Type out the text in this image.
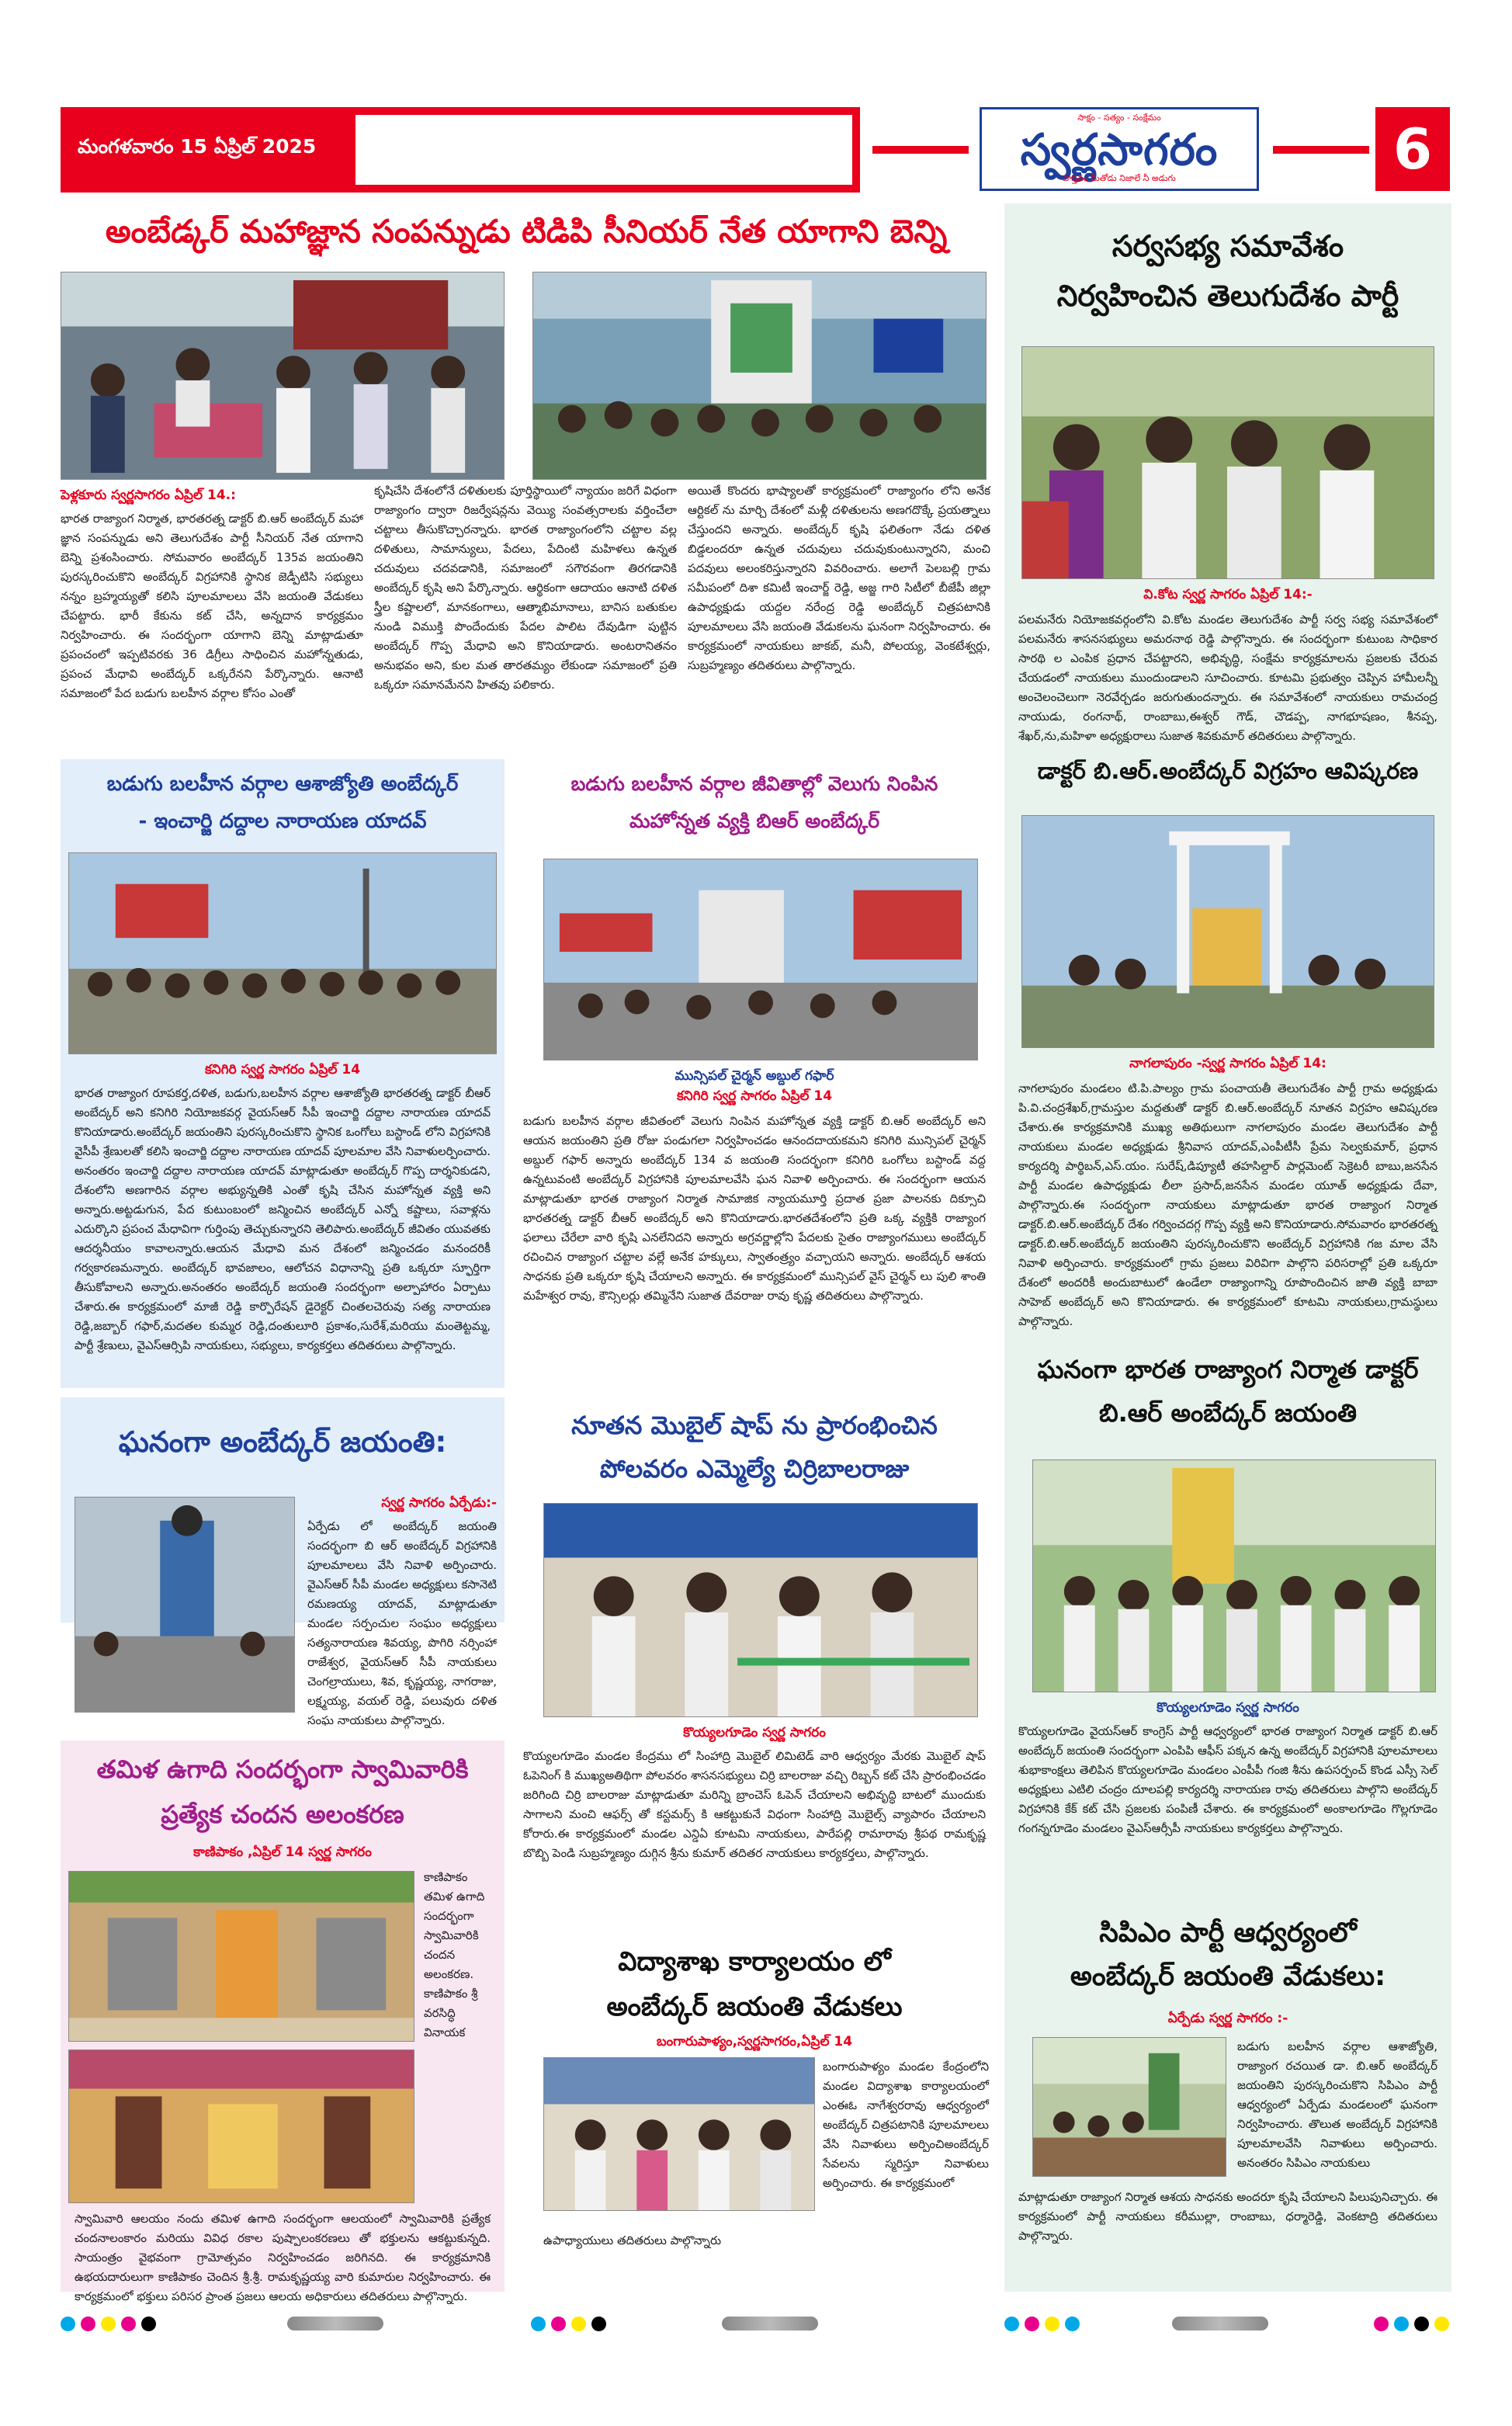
మంగళవారం 15 ఏప్రిల్ 2025
సాక్షం - సత్యం - సంక్షేమం
స్వర్ణసాగరం
వాస్తవం మీతోడు నిజాలే నీ అడుగు	6
అంబేడ్కర్ మహాజ్ఞాన సంపన్నుడు టిడిపి సీనియర్ నేత యాగాని బెన్ని
పెళ్లకూరు స్వర్ణసాగరం ఏప్రిల్ 14.:
భారత రాజ్యాంగ నిర్మాత, భారతరత్న డాక్టర్ బి.ఆర్ అంబేద్కర్ మహా జ్ఞాన సంపన్నుడు అని తెలుగుదేశం పార్టీ సీనియర్ నేత యాగాని బెన్ని ప్రశంసించారు. సోమవారం అంబేద్కర్ 135వ జయంతిని పురస్కరించుకొని అంబేద్కర్ విగ్రహానికి స్థానిక జెడ్పీటిసి సభ్యులు నన్నం బ్రహ్మయ్యతో కలిసి పూలమాలలు వేసి జయంతి వేడుకలు చేపట్టారు. భారీ కేకును కట్ చేసి, అన్నదాన కార్యక్రమం నిర్వహించారు. ఈ సందర్భంగా యాగాని బెన్ని మాట్లాడుతూ ప్రపంచంలో ఇప్పటివరకు 36 డిగ్రీలు సాధించిన మహోన్నతుడు, ప్రపంచ మేధావి అంబేద్కర్ ఒక్కరేనని పేర్కొన్నారు. ఆనాటి సమాజంలో పేద బడుగు బలహీన వర్గాల కోసం ఎంతో
కృషిచేసి దేశంలోనే దళితులకు పూర్తిస్థాయిలో న్యాయం జరిగే విధంగా రాజ్యాంగం ద్వారా రిజర్వేషన్లను వెయ్యి సంవత్సరాలకు వర్తించేలా చట్టాలు తీసుకొచ్చారన్నారు. భారత రాజ్యాంగంలోని చట్టాల వల్ల దళితులు, సామాన్యులు, పేదలు, పేదింటి మహిళలు ఉన్నత చదువులు చదవడానికి, సమాజంలో సగౌరవంగా తిరగడానికి అంబేద్కర్ కృషి అని పేర్కొన్నారు. ఆర్థికంగా ఆదాయం ఆనాటి దళిత స్త్రీల కష్టాలలో, మానకంగాలు, ఆత్మాభిమానాలు, బానిస బతుకుల నుండి విముక్తి పొందేందుకు పేదల పాలిట దేవుడిగా పుట్టిన అంబేద్కర్ గొప్ప మేధావి అని కొనియాడారు. అంటరానితనం అనుభవం అని, కుల మత తారతమ్యం లేకుండా సమాజంలో ప్రతి ఒక్కరూ సమానమేనని హితవు పలికారు.
అయితే కొందరు భాష్యాలతో కార్యక్రమంలో రాజ్యాంగం లోని అనేక ఆర్టికల్ ను మార్చి దేశంలో మళ్లీ దళితులను అణగదొక్కే ప్రయత్నాలు చేస్తుందని అన్నారు. అంబేద్కర్ కృషి ఫలితంగా నేడు దళిత బిడ్డలందరూ ఉన్నత చదువులు చదువుకుంటున్నారని, మంచి పదవులు అలంకరిస్తున్నారని వివరించారు. అలాగే పెలబల్లి గ్రామ సమీపంలో దిశా కమిటీ ఇంచార్జ్ రెడ్డి, అజ్జ గారి సిటీలో బీజేపీ జిల్లా ఉపాధ్యక్షుడు యద్దల నరేంద్ర రెడ్డి అంబేద్కర్ చిత్రపటానికి పూలమాలలు వేసి జయంతి వేడుకలను ఘనంగా నిర్వహించారు. ఈ కార్యక్రమంలో నాయకులు జాకబ్, మనీ, పోలయ్య, వెంకటేశ్వర్లు, సుబ్రహ్మణ్యం తదితరులు పాల్గొన్నారు.
సర్వసభ్య సమావేశం
నిర్వహించిన తెలుగుదేశం పార్టీ
వి.కోట స్వర్ణ సాగరం ఏప్రిల్ 14:-
పలమనేరు నియోజకవర్గంలోని వి.కోట మండల తెలుగుదేశం పార్టీ సర్వ సభ్య సమావేశంలో పలమనేరు శాసనసభ్యులు అమరనాథ రెడ్డి పాల్గొన్నారు. ఈ సందర్భంగా కుటుంబ సాధికార సారథి ల ఎంపిక ప్రధాన చేపట్టారని, అభివృద్ధి, సంక్షేమ కార్యక్రమాలను ప్రజలకు చేరువ చేయడంలో నాయకులు ముందుండాలని సూచించారు. కూటమి ప్రభుత్వం చెప్పిన హామీలన్నీ అంచెలంచెలుగా నెరవేర్చడం జరుగుతుందన్నారు. ఈ సమావేశంలో నాయకులు రామచంద్ర నాయుడు, రంగనాథ్, రాంబాబు,ఈశ్వర్ గౌడ్, చౌడప్ప, నాగభూషణం, శీనప్ప, శేఖర్,ను,మహిళా అధ్యక్షురాలు సుజాత శివకుమార్ తదితరులు పాల్గొన్నారు.
డాక్టర్ బి.ఆర్.అంబేద్కర్ విగ్రహం ఆవిష్కరణ
నాగలాపురం -స్వర్ణ సాగరం ఏప్రిల్ 14:
నాగలాపురం మండలం టి.పి.పాల్యం గ్రామ పంచాయతీ తెలుగుదేశం పార్టీ గ్రామ అధ్యక్షుడు పి.వి.చంద్రశేఖర్,గ్రామస్తుల మద్దతుతో డాక్టర్ బి.ఆర్.అంబేద్కర్ నూతన విగ్రహం ఆవిష్కరణ చేశారు.ఈ కార్యక్రమానికి ముఖ్య అతిథులుగా నాగలాపురం మండల తెలుగుదేశం పార్టీ నాయకులు మండల అధ్యక్షుడు శ్రీనివాస యాదవ్,ఎంపీటీసీ ప్రేమ సెల్వకుమార్, ప్రధాన కార్యదర్శి పార్థిబన్,ఎస్.యం. సురేష్,డిప్యూటీ తహసిల్దార్ పార్లమెంట్ సెక్రెటరీ బాబు,జనసేన పార్టీ మండల ఉపాధ్యక్షుడు లీలా ప్రసాద్,జనసేన మండల యూత్ అధ్యక్షుడు దేవా, పాల్గొన్నారు.ఈ సందర్భంగా నాయకులు మాట్లాడుతూ భారత రాజ్యాంగ నిర్మాత డాక్టర్.బి.ఆర్.అంబేద్కర్ దేశం గర్వించదగ్గ గొప్ప వ్యక్తి అని కొనియాడారు.సోమవారం భారతరత్న డాక్టర్.బి.ఆర్.అంబేద్కర్ జయంతిని పురస్కరించుకొని అంబేద్కర్ విగ్రహానికి గజ మాల వేసి నివాళి అర్పించారు. కార్యక్రమంలో గ్రామ ప్రజలు విరివిగా పాల్గొని పరిసరాల్లో ప్రతి ఒక్కరూ దేశంలో అందరికీ అందుబాటులో ఉండేలా రాజ్యాంగాన్ని రూపొందించిన జాతి వ్యక్తి బాబా సాహెబ్ అంబేద్కర్ అని కొనియాడారు. ఈ కార్యక్రమంలో కూటమి నాయకులు,గ్రామస్థులు పాల్గొన్నారు.
ఘనంగా భారత రాజ్యాంగ నిర్మాత డాక్టర్
బి.ఆర్ అంబేద్కర్ జయంతి
కొయ్యలగూడెం స్వర్ణ సాగరం
కొయ్యలగూడెం వైయస్ఆర్ కాంగ్రెస్ పార్టీ ఆధ్వర్యంలో భారత రాజ్యాంగ నిర్మాత డాక్టర్ బి.ఆర్ అంబేద్కర్ జయంతి సందర్భంగా ఎంపిపి ఆఫీస్ పక్కన ఉన్న అంబేద్కర్ విగ్రహానికి పూలమాలలు శుభాకాంక్షలు తెలిపిన కొయ్యలగూడెం మండలం ఎంపీపీ గంజి శీను ఉపసర్పంచ్ కొండ ఎస్సీ సెల్ అధ్యక్షులు ఎటిలి చంద్రం దూలపల్లి కార్యదర్శి నారాయణ రావు తదితరులు పాల్గొని అంబేద్కర్ విగ్రహానికి కేక్ కట్ చేసి ప్రజలకు పంపిణీ చేశారు. ఈ కార్యక్రమంలో అంకాలగూడెం గొల్లగూడెం గంగన్నగూడెం మండలం వైఎస్ఆర్సీపీ నాయకులు కార్యకర్తలు పాల్గొన్నారు.
సిపిఎం పార్టీ ఆధ్వర్యంలో
అంబేద్కర్ జయంతి వేడుకలు:
ఏర్పేడు స్వర్ణ సాగరం :-
బడుగు బలహీన వర్గాల ఆశాజ్యోతి, రాజ్యాంగ రచయిత డా. బి.ఆర్ అంబేద్కర్ జయంతిని పురస్కరించుకొని సిపిఎం పార్టీ ఆధ్వర్యంలో ఏర్పేడు మండలంలో ఘనంగా నిర్వహించారు. తొలుత అంబేద్కర్ విగ్రహానికి పూలమాలవేసి నివాళులు అర్పించారు. అనంతరం సిపిఎం నాయకులు
మాట్లాడుతూ రాజ్యాంగ నిర్మాత ఆశయ సాధనకు అందరూ కృషి చేయాలని పిలుపునిచ్చారు. ఈ కార్యక్రమంలో పార్టీ నాయకులు కరీముల్లా, రాంబాబు, ధర్మారెడ్డి, వెంకటాద్రి తదితరులు పాల్గొన్నారు.
బడుగు బలహీన వర్గాల ఆశాజ్యోతి అంబేద్కర్
- ఇంచార్జి దద్దాల నారాయణ యాదవ్
కనిగిరి స్వర్ణ సాగరం ఏప్రిల్ 14
భారత రాజ్యాంగ రూపకర్త,దళిత, బడుగు,బలహీన వర్గాల ఆశాజ్యోతి భారతరత్న డాక్టర్ బీఆర్ అంబేద్కర్ అని కనిగిరి నియోజకవర్గ వైయస్ఆర్ సీపీ ఇంచార్జి దద్దాల నారాయణ యాదవ్ కొనియాడారు.అంబేద్కర్ జయంతిని పురస్కరించుకొని స్థానిక ఒంగోలు బస్టాండ్ లోని విగ్రహానికి వైసీపీ శ్రేణులతో కలిసి ఇంచార్జి దద్దాల నారాయణ యాదవ్ పూలమాల వేసి నివాళులర్పించారు. అనంతరం ఇంచార్జి దద్దాల నారాయణ యాదవ్ మాట్లాడుతూ అంబేద్కర్ గొప్ప దార్శనికుడని, దేశంలోని అణగారిన వర్గాల అభ్యున్నతికి ఎంతో కృషి చేసిన మహోన్నత వ్యక్తి అని అన్నారు.అట్టడుగున, పేద కుటుంబంలో జన్మించిన అంబేద్కర్ ఎన్నో కష్టాలు, సవాళ్లను ఎదుర్కొని ప్రపంచ మేధావిగా గుర్తింపు తెచ్చుకున్నారని తెలిపారు.అంబేద్కర్ జీవితం యువతకు ఆదర్శనీయం కావాలన్నారు.ఆయన మేధావి మన దేశంలో జన్మించడం మనందరికీ గర్వకారణమన్నారు. అంబేద్కర్ భావజాలం, ఆలోచన విధానాన్ని ప్రతి ఒక్కరూ స్ఫూర్తిగా తీసుకోవాలని అన్నారు.అనంతరం అంబేద్కర్ జయంతి సందర్భంగా అల్పాహారం ఏర్పాటు చేశారు.ఈ కార్యక్రమంలో మాజీ రెడ్డి కార్పొరేషన్ డైరెక్టర్ చింతలచెరువు సత్య నారాయణ రెడ్డి,జబ్బార్ గఫార్,మదతల కుమ్మర రెడ్డి,దంతులూరి ప్రకాశం,సురేశ్,మరియు మంతెట్టమ్మ, పార్టీ శ్రేణులు, వైఎస్ఆర్సిపి నాయకులు, సభ్యులు, కార్యకర్తలు తదితరులు పాల్గొన్నారు.
ఘనంగా అంబేద్కర్ జయంతి:
స్వర్ణ సాగరం ఏర్పేడు:-
ఏర్పేడు లో అంబేద్కర్ జయంతి సందర్భంగా బి ఆర్ అంబేద్కర్ విగ్రహానికి పూలమాలలు వేసి నివాళి అర్పించారు. వైఎస్ఆర్ సీపీ మండల అధ్యక్షులు కసానెటి రమణయ్య యాదవ్, మాట్లాడుతూ మండల సర్పంచుల సంఘం అధ్యక్షులు సత్యనారాయణ శివయ్య, పొగిరి నర్సింహా రాజేశ్వర, వైయస్ఆర్ సీపీ నాయకులు చెంగల్రాయులు, శివ, కృష్ణయ్య, నాగరాజు, లక్ష్మయ్య, వయల్ రెడ్డి, పలువురు దళిత సంఘ నాయకులు పాల్గొన్నారు.
తమిళ ఉగాది సందర్భంగా స్వామివారికి
ప్రత్యేక చందన అలంకరణ
కాణిపాకం ,ఏప్రిల్ 14 స్వర్ణ సాగరం
కాణిపాకం తమిళ ఉగాది సందర్భంగా స్వామివారికి చందన అలంకరణ. కాణిపాకం శ్రీ వరసిద్ధి వినాయక
స్వామివారి ఆలయం నందు తమిళ ఉగాది సందర్భంగా ఆలయంలో స్వామివారికి ప్రత్యేక చందనాలంకారం మరియు వివిధ రకాల పుష్పాలంకరణలు తో భక్తులను ఆకట్టుకున్నది. సాయంత్రం వైభవంగా గ్రామోత్సవం నిర్వహించడం జరిగినది. ఈ కార్యక్రమానికి ఉభయదారులుగా కాణిపాకం చెందిన శ్రీ.శ్రీ. రామకృష్ణయ్య వారి కుమారుల నిర్వహించారు. ఈ కార్యక్రమంలో భక్తులు పరిసర ప్రాంత ప్రజలు ఆలయ అధికారులు తదితరులు పాల్గొన్నారు.
బడుగు బలహీన వర్గాల జీవితాల్లో వెలుగు నింపిన
మహోన్నత వ్యక్తి బిఆర్ అంబేద్కర్
మున్సిపల్ చైర్మన్ అబ్దుల్ గఫార్
కనిగిరి స్వర్ణ సాగరం ఏప్రిల్ 14
బడుగు బలహీన వర్గాల జీవితంలో వెలుగు నింపిన మహోన్నత వ్యక్తి డాక్టర్ బి.ఆర్ అంబేద్కర్ అని ఆయన జయంతిని ప్రతి రోజు పండుగలా నిర్వహించడం ఆనందదాయకమని కనిగిరి మున్సిపల్ చైర్మన్ అబ్దుల్ గఫార్ అన్నారు అంబేద్కర్ 134 వ జయంతి సందర్భంగా కనిగిరి ఒంగోలు బస్టాండ్ వద్ద ఉన్నటువంటి అంబేద్కర్ విగ్రహానికి పూలమాలవేసి ఘన నివాళి అర్పించారు. ఈ సందర్భంగా ఆయన మాట్లాడుతూ భారత రాజ్యాంగ నిర్మాత సామాజిక న్యాయమూర్తి ప్రదాత ప్రజా పాలనకు దిక్సూచి భారతరత్న డాక్టర్ బీఆర్ అంబేద్కర్ అని కొనియాడారు.భారతదేశంలోని ప్రతి ఒక్క వ్యక్తికి రాజ్యాంగ ఫలాలు చేరేలా వారి కృషి ఎనలేనిదని అన్నారు అగ్రవర్ణాల్లోని పేదలకు సైతం రాజ్యాంగములు అంబేద్కర్ రచించిన రాజ్యాంగ చట్టాల వల్లే అనేక హక్కులు, స్వాతంత్ర్యం వచ్చాయని అన్నారు. అంబేద్కర్ ఆశయ సాధనకు ప్రతి ఒక్కరూ కృషి చేయాలని అన్నారు. ఈ కార్యక్రమంలో మున్సిపల్ వైస్ చైర్మన్ లు పులి శాంతి మహేశ్వర రావు, కౌన్సిలర్లు తమ్మినేని సుజాత దేవరాజు రావు కృష్ణ తదితరులు పాల్గొన్నారు.
నూతన మొబైల్ షాప్ ను ప్రారంభించిన
పోలవరం ఎమ్మెల్యే చిర్రిబాలరాజు
కొయ్యలగూడెం స్వర్ణ సాగరం
కొయ్యలగూడెం మండల కేంద్రము లో సింహాద్రి మొబైల్ లిమిటెడ్ వారి ఆధ్వర్యం మేరకు మొబైల్ షాప్ ఓపెనింగ్ కి ముఖ్యఅతిథిగా పోలవరం శాసనసభ్యులు చిర్రి బాలరాజు వచ్చి రిబ్బన్ కట్ చేసి ప్రారంభించడం జరిగింది చిర్రి బాలరాజు మాట్లాడుతూ మరిన్ని బ్రాంచెస్ ఓపెన్ చేయాలని అభివృద్ధి బాటలో ముందుకు సాగాలని మంచి ఆఫర్స్ తో కస్టమర్స్ కి ఆకట్టుకునే విధంగా సింహాద్రి మొబైల్స్ వ్యాపారం చేయాలని కోరారు.ఈ కార్యక్రమంలో మండల ఎన్డిఏ కూటమి నాయకులు, పారేపల్లి రామారావు శ్రీపథ రామకృష్ణ బొబ్బి పెండి సుబ్రహ్మణ్యం దుగ్గిన శ్రీను కుమార్ తదితర నాయకులు కార్యకర్తలు, పాల్గొన్నారు.
విద్యాశాఖ కార్యాలయం లో
అంబేద్కర్ జయంతి వేడుకలు
బంగారుపాళ్యం,స్వర్ణసాగరం,ఏప్రిల్ 14
బంగారుపాళ్యం మండల కేంద్రంలోని మండల విద్యాశాఖ కార్యాలయంలో ఎంఈఓ నాగేశ్వరరావు ఆధ్వర్యంలో అంబేద్కర్ చిత్రపటానికి పూలమాలలు వేసి నివాళులు అర్పించిఅంబేద్కర్ సేవలను స్మరిస్తూ నివాళులు అర్పించారు. ఈ కార్యక్రమంలో
ఉపాధ్యాయులు తదితరులు పాల్గొన్నారు
